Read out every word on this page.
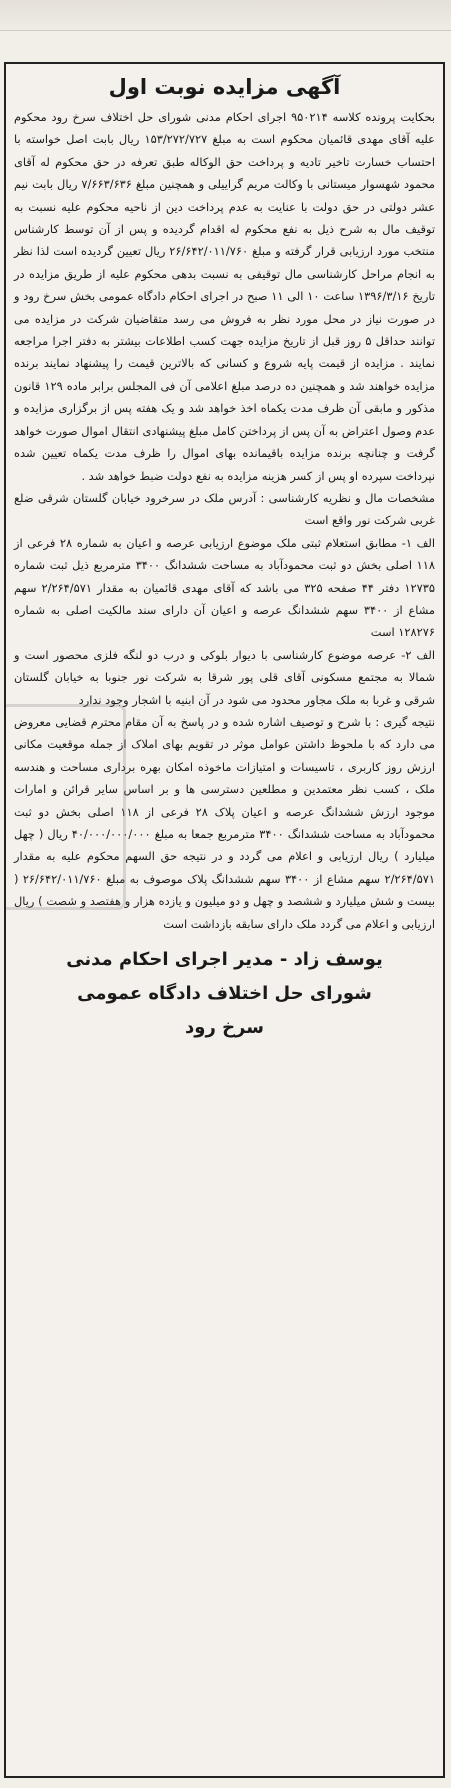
آگهی مزایده نوبت اول

بحکایت پرونده کلاسه ۹۵۰۲۱۴ اجرای احکام مدنی شورای حل اختلاف سرخ رود محکوم علیه آقای مهدی قائمیان محکوم است به مبلغ ۱۵۳/۲۷۲/۷۲۷ ریال بابت اصل خواسته با احتساب خسارت تاخیر تادیه و پرداخت حق الوکاله طبق تعرفه در حق محکوم له آقای محمود شهسوار میستانی با وکالت مریم گراییلی و همچنین مبلغ ۷/۶۶۳/۶۳۶ ریال بابت نیم عشر دولتی در حق دولت با عنایت به عدم پرداخت دین از ناحیه محکوم علیه نسبت به توقیف مال به شرح ذیل به نفع محکوم له اقدام گردیده و پس از آن توسط کارشناس منتخب مورد ارزیابی قرار گرفته و مبلغ ۲۶/۶۴۲/۰۱۱/۷۶۰ ریال تعیین گردیده است لذا نظر به انجام مراحل کارشناسی مال توقیفی به نسبت بدهی محکوم علیه از طریق مزایده در تاریخ ۱۳۹۶/۳/۱۶ ساعت ۱۰ الی ۱۱ صبح در اجرای احکام دادگاه عمومی بخش سرخ رود و در صورت نیاز در محل مورد نظر به فروش می رسد متقاضیان شرکت در مزایده می توانند حداقل ۵ روز قبل از تاریخ مزایده جهت کسب اطلاعات بیشتر به دفتر اجرا مراجعه نمایند . مزایده از قیمت پایه شروع و کسانی که بالاترین قیمت را پیشنهاد نمایند برنده مزایده خواهند شد و همچنین ده درصد مبلغ اعلامی آن فی المجلس برابر ماده ۱۲۹ قانون مذکور و مابقی آن ظرف مدت یکماه اخذ خواهد شد و یک هفته پس از برگزاری مزایده و عدم وصول اعتراض به آن پس از پرداختن کامل مبلغ پیشنهادی انتقال اموال صورت خواهد گرفت و چنانچه برنده مزایده باقیمانده بهای اموال را ظرف مدت یکماه تعیین شده نپرداخت سپرده او پس از کسر هزینه مزایده به نفع دولت ضبط خواهد شد .

مشخصات مال و نظریه کارشناسی : آدرس ملک در سرخرود خیابان گلستان شرقی ضلع غربی شرکت نور واقع است

الف ۱- مطابق استعلام ثبتی ملک موضوع ارزیابی عرصه و اعیان به شماره ۲۸ فرعی از ۱۱۸ اصلی بخش دو ثبت محمودآباد به مساحت ششدانگ ۳۴۰۰ مترمربع ذیل ثبت شماره ۱۲۷۳۵ دفتر ۴۴ صفحه ۳۲۵ می باشد که آقای مهدی قائمیان به مقدار ۲/۲۶۴/۵۷۱ سهم مشاع از ۳۴۰۰ سهم ششدانگ عرصه و اعیان آن دارای سند مالکیت اصلی به شماره ۱۲۸۲۷۶ است

الف ۲- عرصه موضوع کارشناسی با دیوار بلوکی و درب دو لنگه فلزی محصور است و شمالا به مجتمع مسکونی آقای قلی پور شرقا به شرکت نور جنوبا به خیابان گلستان شرقی و غربا به ملک مجاور محدود می شود در آن ابنیه با اشجار وجود ندارد

نتیجه گیری : با شرح و توصیف اشاره شده و در پاسخ به آن مقام محترم قضایی معروض می دارد که با ملحوظ داشتن عوامل موثر در تقویم بهای املاک از جمله موقعیت مکانی ارزش روز کاربری ، تاسیسات و امتیازات ماخوذه امکان بهره برداری مساحت و هندسه ملک ، کسب نظر معتمدین و مطلعین دسترسی ها و بر اساس سایر قرائن و امارات موجود ارزش ششدانگ عرصه و اعیان پلاک ۲۸ فرعی از ۱۱۸ اصلی بخش دو ثبت محمودآباد به مساحت ششدانگ ۳۴۰۰ مترمربع جمعا به مبلغ ۴۰/۰۰۰/۰۰۰/۰۰۰ ریال ( چهل میلیارد ) ریال ارزیابی و اعلام می گردد و در نتیجه حق السهم محکوم علیه به مقدار ۲/۲۶۴/۵۷۱ سهم مشاع از ۳۴۰۰ سهم ششدانگ پلاک موصوف به مبلغ ۲۶/۶۴۲/۰۱۱/۷۶۰ ( بیست و شش میلیارد و ششصد و چهل و دو میلیون و یازده هزار و هفتصد و شصت ) ریال ارزیابی و اعلام می گردد ملک دارای سابقه بازداشت است

یوسف زاد - مدیر اجرای احکام مدنی
شورای حل اختلاف دادگاه عمومی
سرخ رود
